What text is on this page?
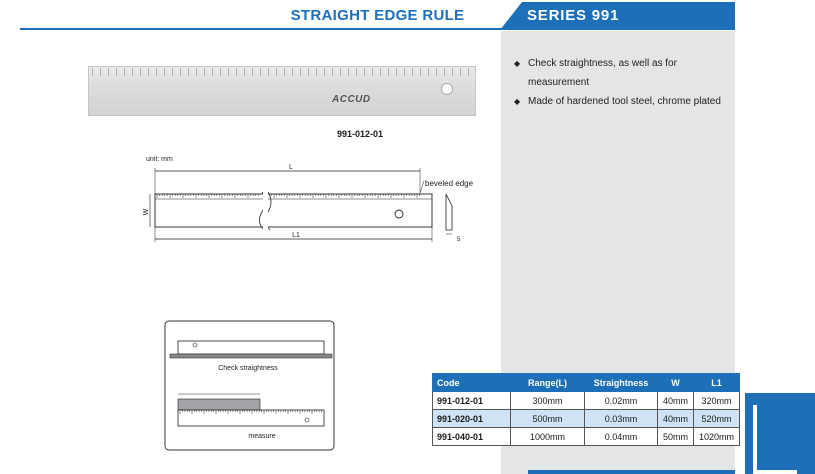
STRAIGHT EDGE RULE	SERIES 991
◆ Check straightness, as well as for measurement
◆ Made of hardened tool steel, chrome plated
ACCUD
991-012-01
unit: mm
L
beveled edge
W
L1
5
Check straightness
measure
Code	Range(L)	Straightness	W	L1
991-012-01	300mm	0.02mm	40mm	320mm
991-020-01	500mm	0.03mm	40mm	520mm
991-040-01	1000mm	0.04mm	50mm	1020mm
